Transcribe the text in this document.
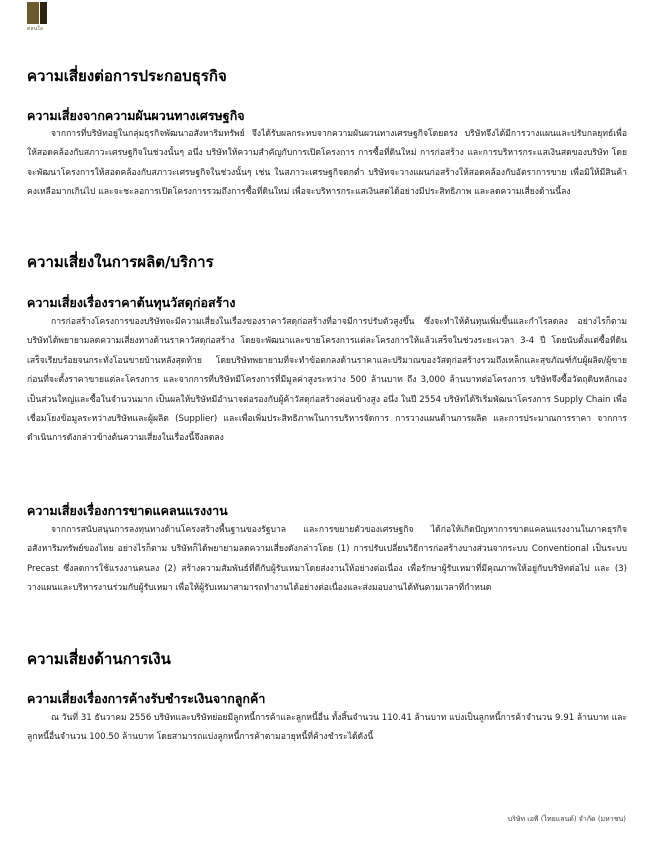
ตลนใอ
ความเสี่ยงต่อการประกอบธุรกิจ
ความเสี่ยงจากความผันผวนทางเศรษฐกิจ

จากการที่บริษัทอยู่ในกลุ่มธุรกิจพัฒนาอสังหาริมทรัพย์ จึงได้รับผลกระทบจากความผันผวนทางเศรษฐกิจโดยตรง บริษัทจึงได้มีการวางแผนและปรับกลยุทธ์เพื่อให้สอดคล้องกับสภาวะเศรษฐกิจในช่วงนั้นๆ อนึ่ง บริษัทให้ความสำคัญกับการเปิดโครงการ การซื้อที่ดินใหม่ การก่อสร้าง และการบริหารกระแสเงินสดของบริษัท โดยจะพัฒนาโครงการให้สอดคล้องกับสภาวะเศรษฐกิจในช่วงนั้นๆ เช่น ในสภาวะเศรษฐกิจตกต่ำ บริษัทจะวางแผนก่อสร้างให้สอดคล้องกับอัตราการขาย เพื่อมิให้มีสินค้าคงเหลือมากเกินไป และจะชะลอการเปิดโครงการรวมถึงการซื้อที่ดินใหม่ เพื่อจะบริหารกระแสเงินสดได้อย่างมีประสิทธิภาพ และลดความเสี่ยงด้านนี้ลง

ความเสี่ยงในการผลิต/บริการ
ความเสี่ยงเรื่องราคาต้นทุนวัสดุก่อสร้าง

การก่อสร้างโครงการของบริษัทจะมีความเสี่ยงในเรื่องของราคาวัสดุก่อสร้างที่อาจมีการปรับตัวสูงขึ้น ซึ่งจะทำให้ต้นทุนเพิ่มขึ้นและกำไรลดลง อย่างไรก็ตาม บริษัทได้พยายามลดความเสี่ยงทางด้านราคาวัสดุก่อสร้าง โดยจะพัฒนาและขายโครงการแต่ละโครงการให้แล้วเสร็จในช่วงระยะเวลา 3-4 ปี โดยนับตั้งแต่ซื้อที่ดินเสร็จเรียบร้อยจนกระทั่งโอนขายบ้านหลังสุดท้าย โดยบริษัทพยายามที่จะทำข้อตกลงด้านราคาและปริมาณของวัสดุก่อสร้างรวมถึงเหล็กและสุขภัณฑ์กับผู้ผลิต/ผู้ขายก่อนที่จะตั้งราคาขายแต่ละโครงการ และจากการที่บริษัทมีโครงการที่มีมูลค่าสูงระหว่าง 500 ล้านบาท ถึง 3,000 ล้านบาทต่อโครงการ บริษัทจึงซื้อวัตถุดิบหลักเองเป็นส่วนใหญ่และซื้อในจำนวนมาก เป็นผลให้บริษัทมีอำนาจต่อรองกับผู้ค้าวัสดุก่อสร้างค่อนข้างสูง อนึ่ง ในปี 2554 บริษัทได้ริเริ่มพัฒนาโครงการ Supply Chain เพื่อเชื่อมโยงข้อมูลระหว่างบริษัทและผู้ผลิต (Supplier) และเพื่อเพิ่มประสิทธิภาพในการบริหารจัดการ การวางแผนด้านการผลิต และการประมาณการราคา จากการดำเนินการดังกล่าวข้างต้นความเสี่ยงในเรื่องนี้จึงลดลง

ความเสี่ยงเรื่องการขาดแคลนแรงงาน

จากการสนับสนุนการลงทุนทางด้านโครงสร้างพื้นฐานของรัฐบาล และการขยายตัวของเศรษฐกิจ ได้ก่อให้เกิดปัญหาการขาดแคลนแรงงานในภาคธุรกิจอสังหาริมทรัพย์ของไทย อย่างไรก็ตาม บริษัทก็ได้พยายามลดความเสี่ยงดังกล่าวโดย (1) การปรับเปลี่ยนวิธีการก่อสร้างบางส่วนจากระบบ Conventional เป็นระบบ Precast ซึ่งลดการใช้แรงงานคนลง (2) สร้างความสัมพันธ์ที่ดีกับผู้รับเหมาโดยส่งงานให้อย่างต่อเนื่อง เพื่อรักษาผู้รับเหมาที่มีคุณภาพให้อยู่กับบริษัทต่อไป และ (3) วางแผนและบริหารงานร่วมกับผู้รับเหมา เพื่อให้ผู้รับเหมาสามารถทำงานได้อย่างต่อเนื่องและส่งมอบงานได้ทันตามเวลาที่กำหนด

ความเสี่ยงด้านการเงิน
ความเสี่ยงเรื่องการค้างรับชำระเงินจากลูกค้า

ณ วันที่ 31 ธันวาคม 2556 บริษัทและบริษัทย่อยมีลูกหนี้การค้าและลูกหนี้อื่น ทั้งสิ้นจำนวน 110.41 ล้านบาท แบ่งเป็นลูกหนี้การค้าจำนวน 9.91 ล้านบาท และลูกหนี้อื่นจำนวน 100.50 ล้านบาท โดยสามารถแบ่งลูกหนี้การค้าตามอายุหนี้ที่ค้างชำระได้ดังนี้

บริษัท เอพี (ไทยแลนด์) จำกัด (มหาชน)
